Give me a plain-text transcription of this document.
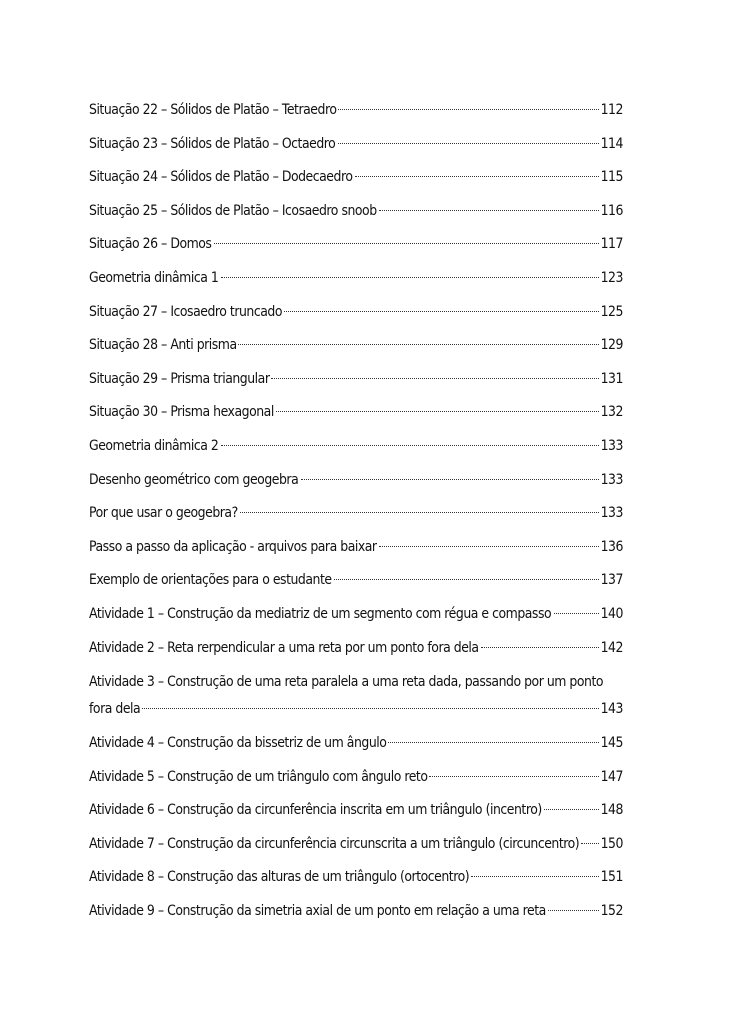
Situação 22 – Sólidos de Platão – Tetraedro	112
Situação 23 – Sólidos de Platão – Octaedro	114
Situação 24 – Sólidos de Platão – Dodecaedro	115
Situação 25 – Sólidos de Platão – Icosaedro snoob	116
Situação 26 – Domos	117
Geometria dinâmica 1	123
Situação 27 – Icosaedro truncado	125
Situação 28 – Anti prisma	129
Situação 29 – Prisma triangular	131
Situação 30 – Prisma hexagonal	132
Geometria dinâmica 2	133
Desenho geométrico com geogebra	133
Por que usar o geogebra?	133
Passo a passo da aplicação - arquivos para baixar	136
Exemplo de orientações para o estudante	137
Atividade 1 – Construção da mediatriz de um segmento com régua e compasso	140
Atividade 2 – Reta rerpendicular a uma reta por um ponto fora dela	142
Atividade 3 – Construção de uma reta paralela a uma reta dada, passando por um ponto
fora dela	143
Atividade 4 – Construção da bissetriz de um ângulo	145
Atividade 5 – Construção de um triângulo com ângulo reto	147
Atividade 6 – Construção da circunferência inscrita em um triângulo (incentro)	148
Atividade 7 – Construção da circunferência circunscrita a um triângulo (circuncentro) 150
Atividade 8 – Construção das alturas de um triângulo (ortocentro)	151
Atividade 9 – Construção da simetria axial de um ponto em relação a uma reta	152
